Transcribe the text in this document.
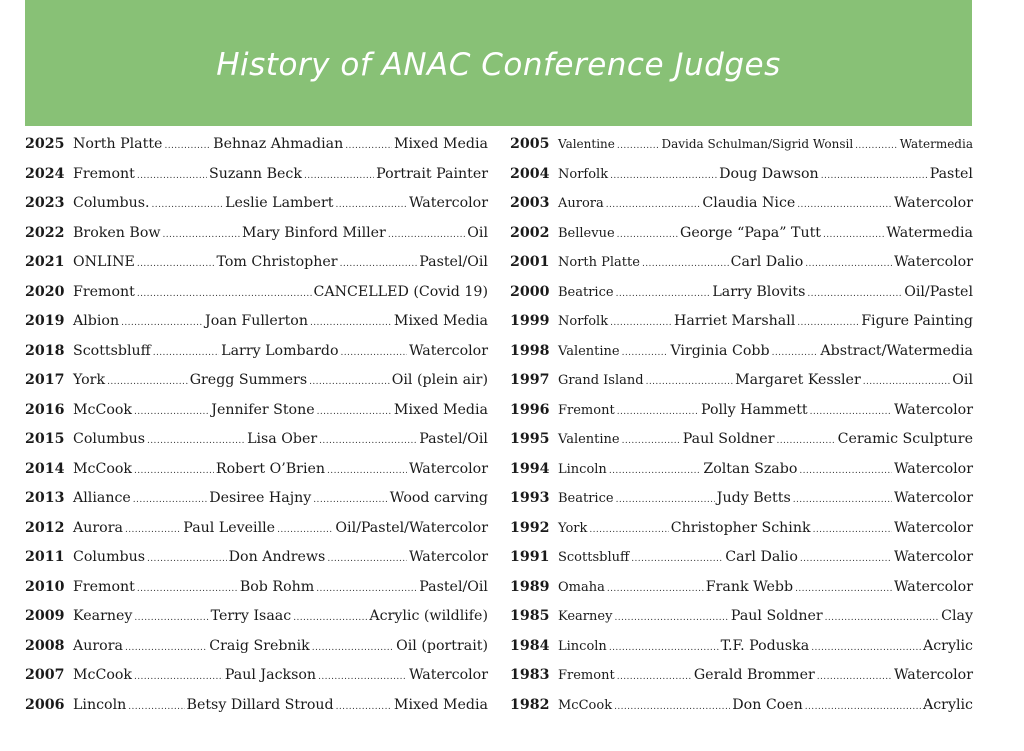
History of ANAC Conference Judges
2025 North Platte .....	Behnaz Ahmadian .....	Mixed Media
2024 Fremont .....	Suzann Beck .....	Portrait Painter
2023 Columbus. .....	Leslie Lambert .....	Watercolor
2022 Broken Bow .....	Mary Binford Miller .....	Oil
2021 ONLINE .....	Tom Christopher .....	Pastel/Oil
2020 Fremont .....	CANCELLED (Covid 19)
2019 Albion .....	Joan Fullerton .....	Mixed Media
2018 Scottsbluff .....	Larry Lombardo .....	Watercolor
2017 York .....	Gregg Summers .....	Oil (plein air)
2016 McCook .....	Jennifer Stone .....	Mixed Media
2015 Columbus .....	Lisa Ober .....	Pastel/Oil
2014 McCook .....	Robert O’Brien .....	Watercolor
2013 Alliance .....	Desiree Hajny .....	Wood carving
2012 Aurora .....	Paul Leveille .....	Oil/Pastel/Watercolor
2011 Columbus .....	Don Andrews .....	Watercolor
2010 Fremont .....	Bob Rohm .....	Pastel/Oil
2009 Kearney .....	Terry Isaac .....	Acrylic (wildlife)
2008 Aurora .....	Craig Srebnik .....	Oil (portrait)
2007 McCook .....	Paul Jackson .....	Watercolor
2006 Lincoln .....	Betsy Dillard Stroud .....	Mixed Media
2005 Valentine .....	Davida Schulman/Sigrid Wonsil .....	Watermedia
2004 Norfolk .....	Doug Dawson .....	Pastel
2003 Aurora .....	Claudia Nice .....	Watercolor
2002 Bellevue .....	George “Papa” Tutt .....	Watermedia
2001 North Platte .....	Carl Dalio .....	Watercolor
2000 Beatrice .....	Larry Blovits .....	Oil/Pastel
1999 Norfolk .....	Harriet Marshall .....	Figure Painting
1998 Valentine .....	Virginia Cobb .....	Abstract/Watermedia
1997 Grand Island .....	Margaret Kessler .....	Oil
1996 Fremont .....	Polly Hammett .....	Watercolor
1995 Valentine .....	Paul Soldner .....	Ceramic Sculpture
1994 Lincoln .....	Zoltan Szabo .....	Watercolor
1993 Beatrice .....	Judy Betts .....	Watercolor
1992 York .....	Christopher Schink .....	Watercolor
1991 Scottsbluff .....	Carl Dalio .....	Watercolor
1989 Omaha .....	Frank Webb .....	Watercolor
1985 Kearney .....	Paul Soldner .....	Clay
1984 Lincoln .....	T.F. Poduska .....	Acrylic
1983 Fremont .....	Gerald Brommer .....	Watercolor
1982 McCook .....	Don Coen .....	Acrylic
